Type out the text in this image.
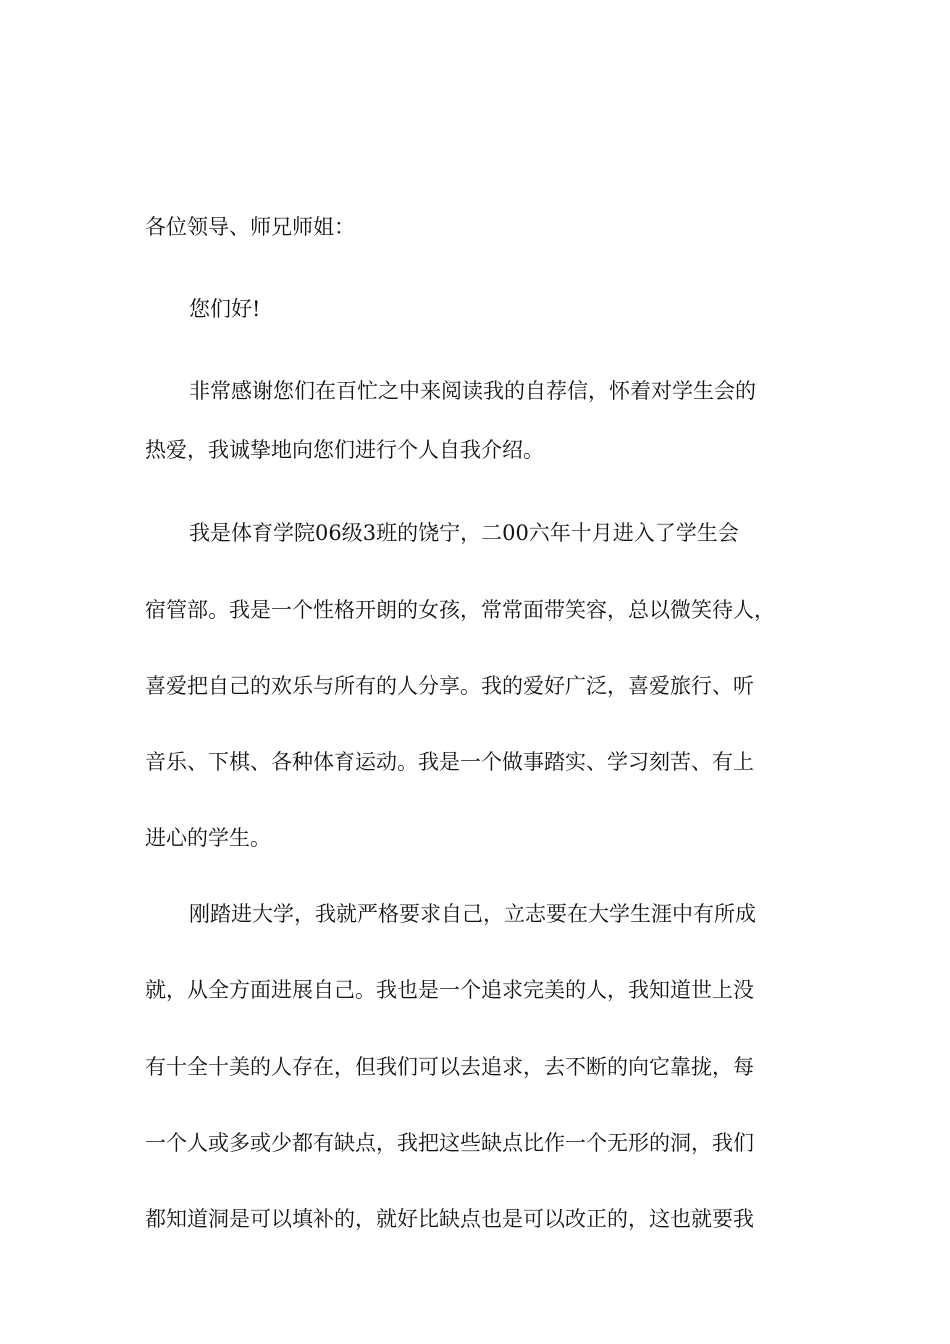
各位领导、师兄师姐：
您们好!
非常感谢您们在百忙之中来阅读我的自荐信，怀着对学生会的
热爱，我诚挚地向您们进行个人自我介绍。
我是体育学院06级3班的饶宁，二00六年十月进入了学生会
宿管部。我是一个性格开朗的女孩，常常面带笑容，总以微笑待人，
喜爱把自己的欢乐与所有的人分享。我的爱好广泛，喜爱旅行、听
音乐、下棋、各种体育运动。我是一个做事踏实、学习刻苦、有上
进心的学生。
刚踏进大学，我就严格要求自己，立志要在大学生涯中有所成
就，从全方面进展自己。我也是一个追求完美的人，我知道世上没
有十全十美的人存在，但我们可以去追求，去不断的向它靠拢，每
一个人或多或少都有缺点，我把这些缺点比作一个无形的洞，我们
都知道洞是可以填补的，就好比缺点也是可以改正的，这也就要我
